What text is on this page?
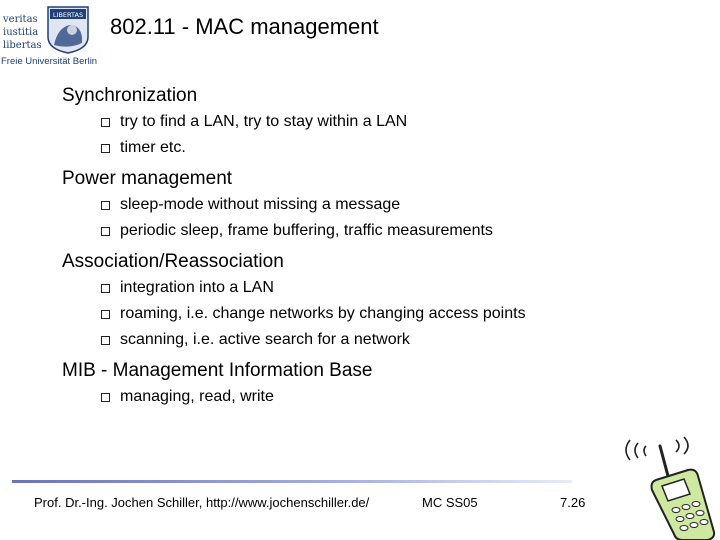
veritas
iustitia
libertas
LIBERTAS
Freie Universität Berlin
802.11 - MAC management
Synchronization
try to find a LAN, try to stay within a LAN
timer etc.
Power management
sleep-mode without missing a message
periodic sleep, frame buffering, traffic measurements
Association/Reassociation
integration into a LAN
roaming, i.e. change networks by changing access points
scanning, i.e. active search for a network
MIB - Management Information Base
managing, read, write
Prof. Dr.-Ing. Jochen Schiller, http://www.jochenschiller.de/	MC SS05	7.26
